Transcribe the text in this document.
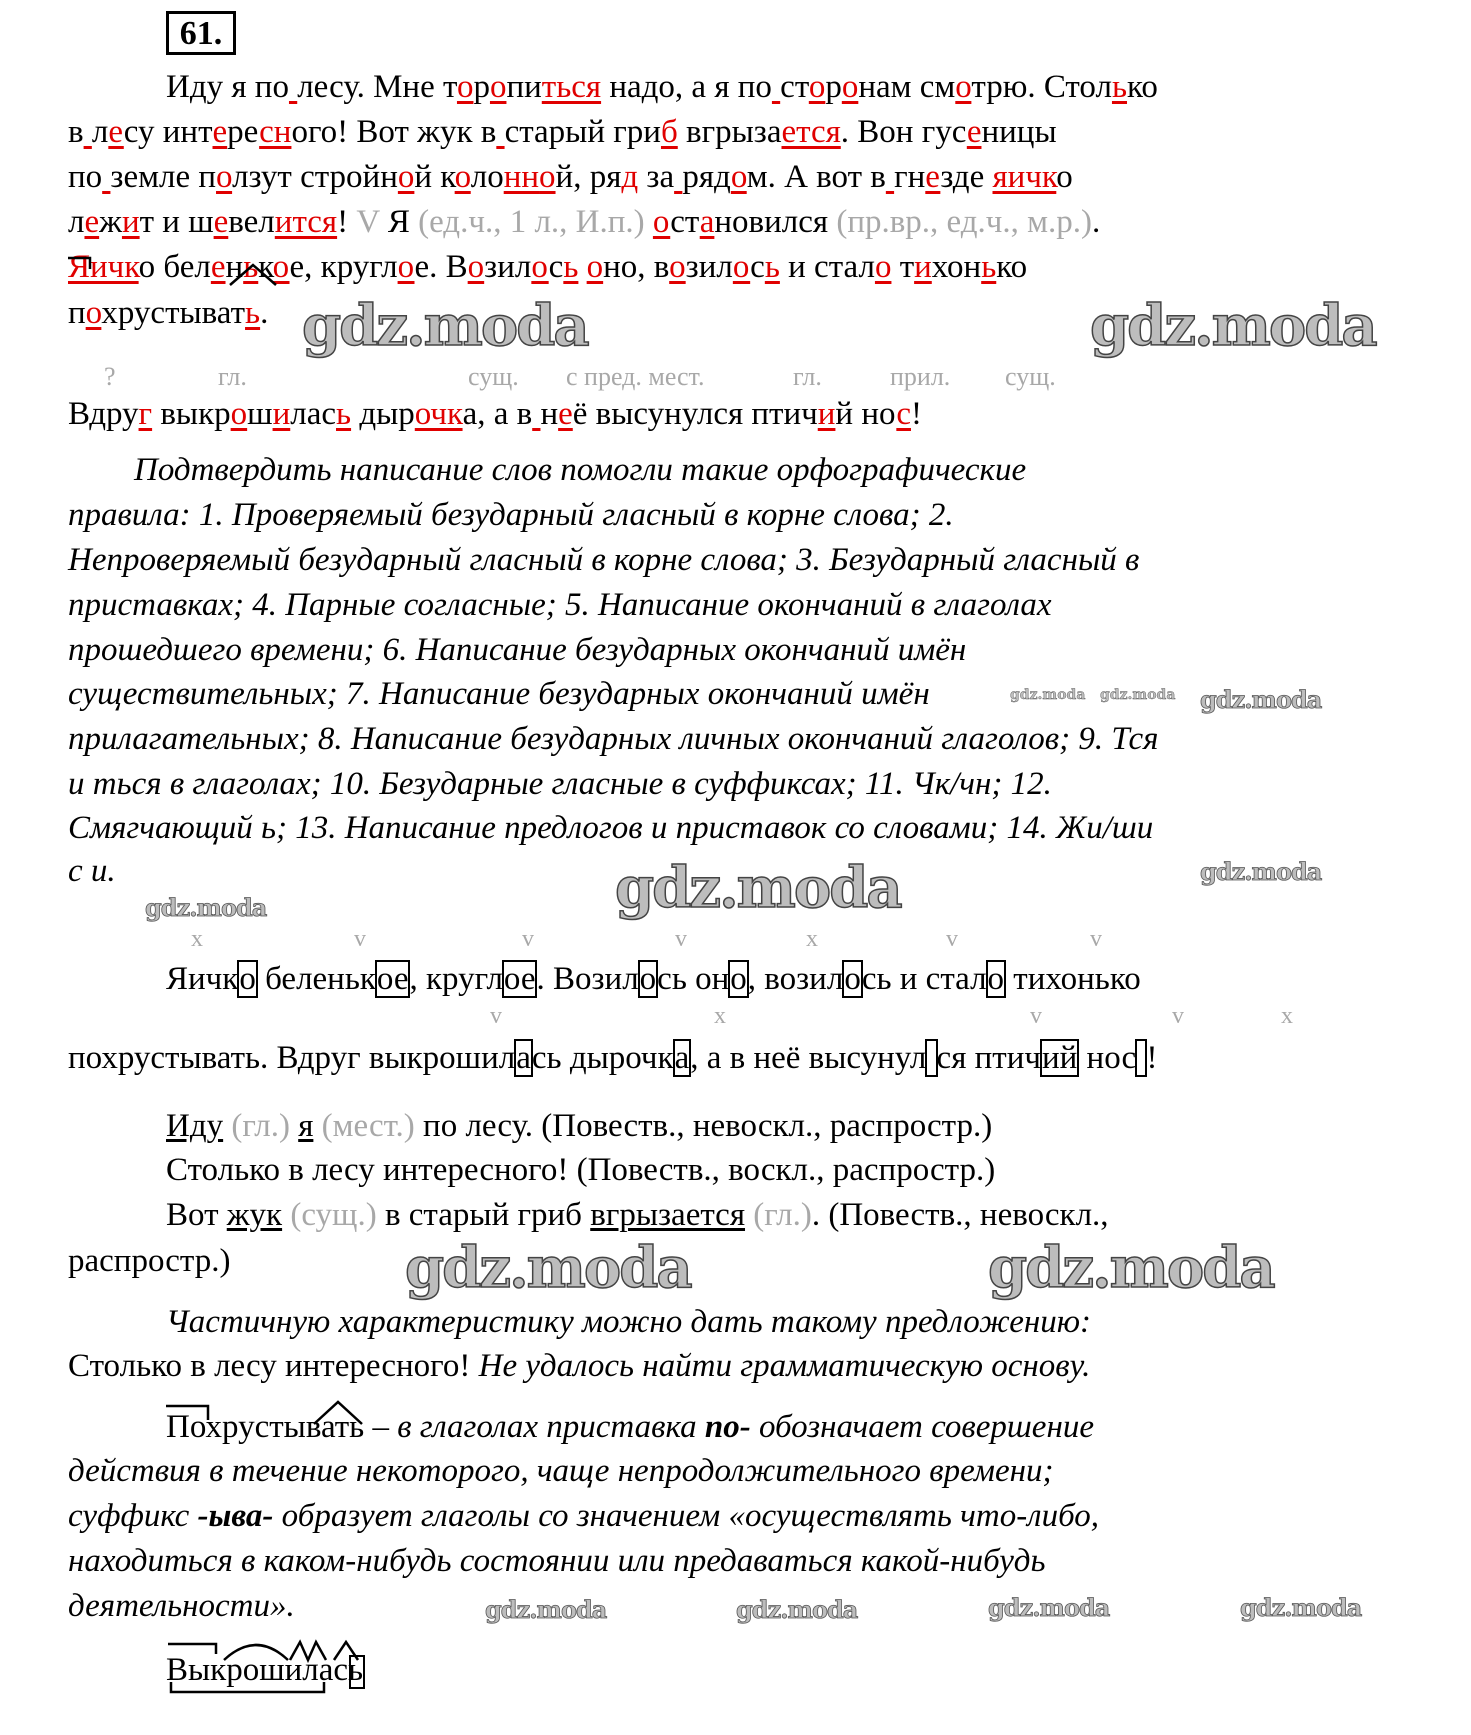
61.
Иду я по лесу. Мне торопиться надо, а я по сторонам смотрю. Столько
в лесу интересного! Вот жук в старый гриб вгрызается. Вон гусеницы
по земле ползут стройной колонной, ряд за рядом. А вот в гнезде яичко
лежит и шевелится! V Я (ед.ч., 1 л., И.п.) остановился (пр.вр., ед.ч., м.р.).
Яичко беленькое, круглое. Возилось оно, возилось и стало тихонько
похрустывать.
?	гл.	сущ. с пред. мест.	гл.	прил. сущ.
Вдруг выкрошилась дырочка, а в неё высунулся птичий нос!
Подтвердить написание слов помогли такие орфографические
правила: 1. Проверяемый безударный гласный в корне слова; 2.
Непроверяемый безударный гласный в корне слова; 3. Безударный гласный в
приставках; 4. Парные согласные; 5. Написание окончаний в глаголах
прошедшего времени; 6. Написание безударных окончаний имён
существительных; 7. Написание безударных окончаний имён
прилагательных; 8. Написание безударных личных окончаний глаголов; 9. Тся
и ться в глаголах; 10. Безударные гласные в суффиксах; 11. Чк/чн; 12.
Смягчающий ь; 13. Написание предлогов и приставок со словами; 14. Жи/ши
с и.
x	v	v	v	x	v	v
Яичко беленькое, круглое. Возилось оно, возилось и стало тихонько
v	x	v	v	x
похрустывать. Вдруг выкрошилась дырочка, а в неё высунул ся птичий нос !
Иду (гл.) я (мест.) по лесу. (Повеств., невоскл., распростр.)
Столько в лесу интересного! (Повеств., воскл., распростр.)
Вот жук (сущ.) в старый гриб вгрызается (гл.). (Повеств., невоскл.,
распростр.)
Частичную характеристику можно дать такому предложению:
Столько в лесу интересного! Не удалось найти грамматическую основу.
Похрустывать – в глаголах приставка по- обозначает совершение
действия в течение некоторого, чаще непродолжительного времени;
суффикс -ыва- образует глаголы со значением «осуществлять что-либо,
находиться в каком-нибудь состоянии или предаваться какой-нибудь
деятельности».
Выкрошилась
gdz.moda	gdz.moda
gdz.moda
gdz.moda	gdz.moda
gdz.moda
gdz.moda
gdz.moda
gdz.moda	gdz.moda	gdz.moda	gdz.moda
gdz.moda gdz.moda
